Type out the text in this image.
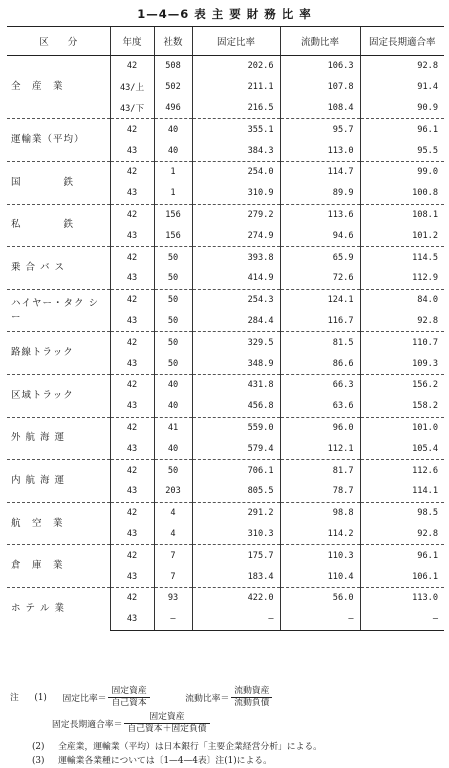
1—4—6 表 主 要 財 務 比 率
区　　分	年度	社数	固定比率	流動比率	固定長期適合率
全　産　業	42	508	202.6	106.3	92.8
	43/上	502	211.1	107.8	91.4
	43/下	496	216.5	108.4	90.9
運輸業（平均）	42	40	355.1	95.7	96.1
	43	40	384.3	113.0	95.5
国　　　　鉄	42	1	254.0	114.7	99.0
	43	1	310.9	89.9	100.8
私　　　　鉄	42	156	279.2	113.6	108.1
	43	156	274.9	94.6	101.2
乗 合 バ ス	42	50	393.8	65.9	114.5
	43	50	414.9	72.6	112.9
ハイヤー・タク シー	42	50	254.3	124.1	84.0
	43	50	284.4	116.7	92.8
路線トラック	42	50	329.5	81.5	110.7
	43	50	348.9	86.6	109.3
区域トラック	42	40	431.8	66.3	156.2
	43	40	456.8	63.6	158.2
外 航 海 運	42	41	559.0	96.0	101.0
	43	40	579.4	112.1	105.4
内 航 海 運	42	50	706.1	81.7	112.6
	43	203	805.5	78.7	114.1
航　空　業	42	4	291.2	98.8	98.5
	43	4	310.3	114.2	92.8
倉　庫　業	42	7	175.7	110.3	96.1
	43	7	183.4	110.4	106.1
ホ テ ル 業	42	93	422.0	56.0	113.0
	43	—	—	—	—
注 (1) 固定比率＝ $\frac{\text{固定資産}}{\text{自己資本}}$	流動比率＝ $\frac{\text{流動資産}}{\text{流動負債}}$
固定長期適合率＝ $\frac{\text{固定資産}}{\text{自己資本＋固定負債}}$
(2) 全産業，運輸業（平均）は日本銀行「主要企業経営分析」による。
(3) 運輸業各業種については〔1—4—4表〕注(1)による。
